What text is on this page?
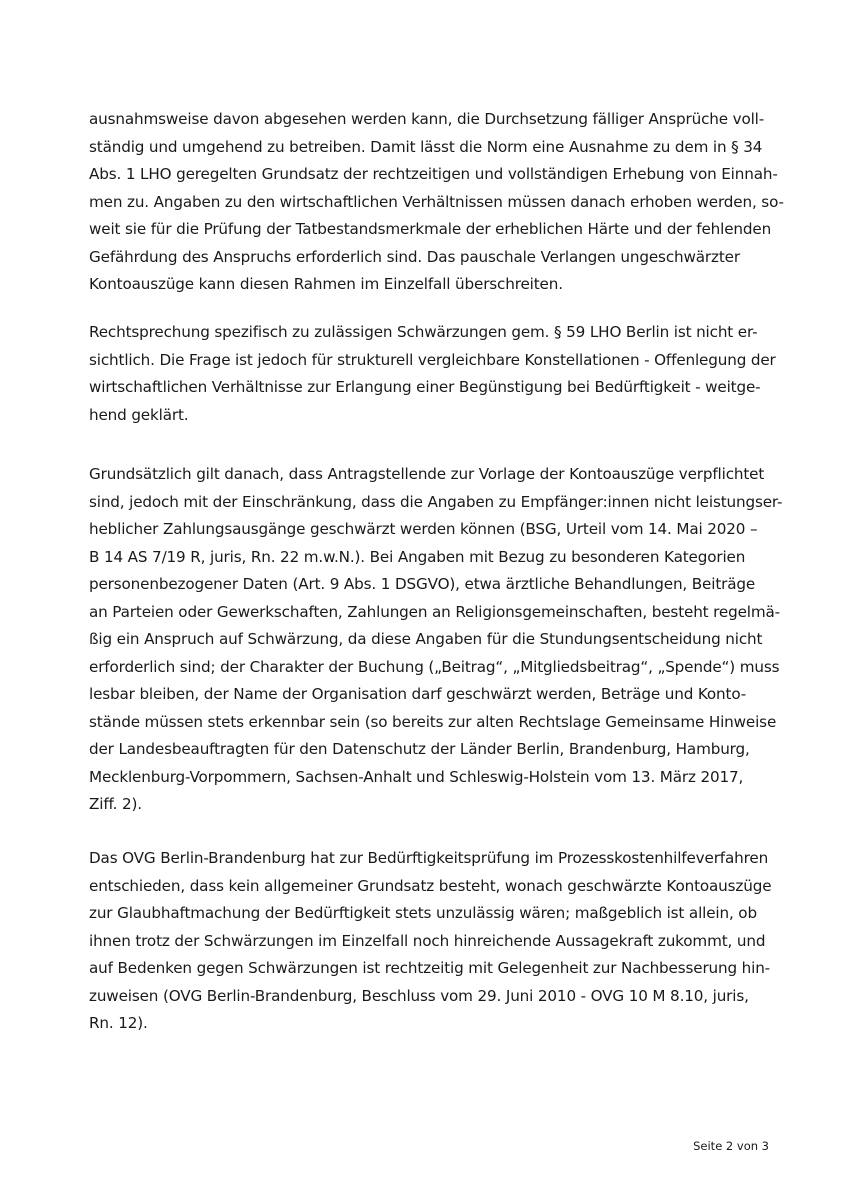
ausnahmsweise davon abgesehen werden kann, die Durchsetzung fälliger Ansprüche voll-
ständig und umgehend zu betreiben. Damit lässt die Norm eine Ausnahme zu dem in § 34
Abs. 1 LHO geregelten Grundsatz der rechtzeitigen und vollständigen Erhebung von Einnah-
men zu. Angaben zu den wirtschaftlichen Verhältnissen müssen danach erhoben werden, so-
weit sie für die Prüfung der Tatbestandsmerkmale der erheblichen Härte und der fehlenden
Gefährdung des Anspruchs erforderlich sind. Das pauschale Verlangen ungeschwärzter
Kontoauszüge kann diesen Rahmen im Einzelfall überschreiten.
Rechtsprechung spezifisch zu zulässigen Schwärzungen gem. § 59 LHO Berlin ist nicht er-
sichtlich. Die Frage ist jedoch für strukturell vergleichbare Konstellationen - Offenlegung der
wirtschaftlichen Verhältnisse zur Erlangung einer Begünstigung bei Bedürftigkeit - weitge-
hend geklärt.
Grundsätzlich gilt danach, dass Antragstellende zur Vorlage der Kontoauszüge verpflichtet
sind, jedoch mit der Einschränkung, dass die Angaben zu Empfänger:innen nicht leistungser-
heblicher Zahlungsausgänge geschwärzt werden können (BSG, Urteil vom 14. Mai 2020 –
B 14 AS 7/19 R, juris, Rn. 22 m.w.N.). Bei Angaben mit Bezug zu besonderen Kategorien
personenbezogener Daten (Art. 9 Abs. 1 DSGVO), etwa ärztliche Behandlungen, Beiträge
an Parteien oder Gewerkschaften, Zahlungen an Religionsgemeinschaften, besteht regelmä-
ßig ein Anspruch auf Schwärzung, da diese Angaben für die Stundungsentscheidung nicht
erforderlich sind; der Charakter der Buchung („Beitrag“, „Mitgliedsbeitrag“, „Spende“) muss
lesbar bleiben, der Name der Organisation darf geschwärzt werden, Beträge und Konto-
stände müssen stets erkennbar sein (so bereits zur alten Rechtslage Gemeinsame Hinweise
der Landesbeauftragten für den Datenschutz der Länder Berlin, Brandenburg, Hamburg,
Mecklenburg-Vorpommern, Sachsen-Anhalt und Schleswig-Holstein vom 13. März 2017,
Ziff. 2).
Das OVG Berlin-Brandenburg hat zur Bedürftigkeitsprüfung im Prozesskostenhilfeverfahren
entschieden, dass kein allgemeiner Grundsatz besteht, wonach geschwärzte Kontoauszüge
zur Glaubhaftmachung der Bedürftigkeit stets unzulässig wären; maßgeblich ist allein, ob
ihnen trotz der Schwärzungen im Einzelfall noch hinreichende Aussagekraft zukommt, und
auf Bedenken gegen Schwärzungen ist rechtzeitig mit Gelegenheit zur Nachbesserung hin-
zuweisen (OVG Berlin-Brandenburg, Beschluss vom 29. Juni 2010 - OVG 10 M 8.10, juris,
Rn. 12).
Seite 2 von 3
